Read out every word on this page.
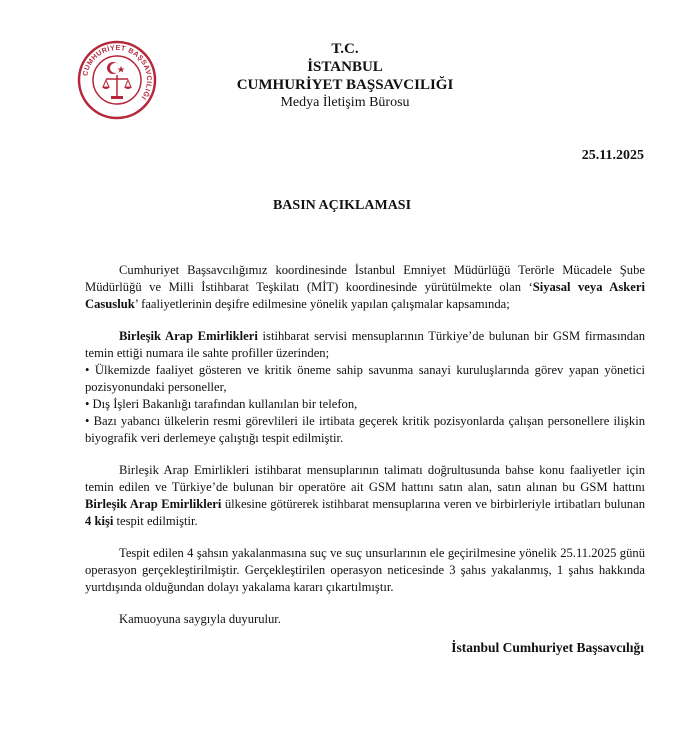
CUMHURİYET BAŞSAVCILIĞI
T.C.
İSTANBUL
CUMHURİYET BAŞSAVCILIĞI
Medya İletişim Bürosu
25.11.2025
BASIN AÇIKLAMASI

Cumhuriyet Başsavcılığımız koordinesinde İstanbul Emniyet Müdürlüğü Terörle Mücadele Şube Müdürlüğü ve Milli İstihbarat Teşkilatı (MİT) koordinesinde yürütülmekte olan ‘Siyasal veya Askeri Casusluk’ faaliyetlerinin deşifre edilmesine yönelik yapılan çalışmalar kapsamında;

Birleşik Arap Emirlikleri istihbarat servisi mensuplarının Türkiye’de bulunan bir GSM firmasından temin ettiği numara ile sahte profiller üzerinden;

• Ülkemizde faaliyet gösteren ve kritik öneme sahip savunma sanayi kuruluşlarında görev yapan yönetici pozisyonundaki personeller,

• Dış İşleri Bakanlığı tarafından kullanılan bir telefon,

• Bazı yabancı ülkelerin resmi görevlileri ile irtibata geçerek kritik pozisyonlarda çalışan personellere ilişkin biyografik veri derlemeye çalıştığı tespit edilmiştir.

Birleşik Arap Emirlikleri istihbarat mensuplarının talimatı doğrultusunda bahse konu faaliyetler için temin edilen ve Türkiye’de bulunan bir operatöre ait GSM hattını satın alan, satın alınan bu GSM hattını Birleşik Arap Emirlikleri ülkesine götürerek istihbarat mensuplarına veren ve birbirleriyle irtibatları bulunan 4 kişi tespit edilmiştir.

Tespit edilen 4 şahsın yakalanmasına suç ve suç unsurlarının ele geçirilmesine yönelik 25.11.2025 günü operasyon gerçekleştirilmiştir. Gerçekleştirilen operasyon neticesinde 3 şahıs yakalanmış, 1 şahıs hakkında yurtdışında olduğundan dolayı yakalama kararı çıkartılmıştır.

Kamuoyuna saygıyla duyurulur.

İstanbul Cumhuriyet Başsavcılığı
